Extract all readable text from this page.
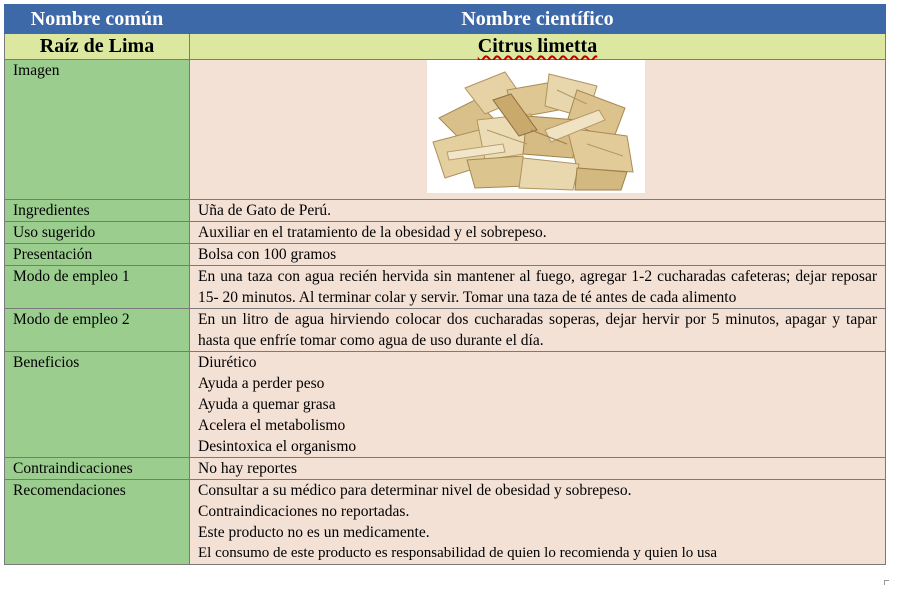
Nombre común	Nombre científico
Raíz de Lima	Citrus limetta
Imagen	
Ingredientes	Uña de Gato de Perú.
Uso sugerido	Auxiliar en el tratamiento de la obesidad y el sobrepeso.
Presentación	Bolsa con 100 gramos
Modo de empleo 1	En una taza con agua recién hervida sin mantener al fuego, agregar 1-2 cucharadas cafeteras; dejar reposar 15- 20 minutos. Al terminar colar y servir. Tomar una taza de té antes de cada alimento
Modo de empleo 2	En un litro de agua hirviendo colocar dos cucharadas soperas, dejar hervir por 5 minutos, apagar y tapar hasta que enfríe tomar como agua de uso durante el día.
Beneficios	Diurético
Ayuda a perder peso
Ayuda a quemar grasa
Acelera el metabolismo
Desintoxica el organismo

Contraindicaciones	No hay reportes
Recomendaciones	Consultar a su médico para determinar nivel de obesidad y sobrepeso.
Contraindicaciones no reportadas.
Este producto no es un medicamente.
El consumo de este producto es responsabilidad de quien lo recomienda y quien lo usa
